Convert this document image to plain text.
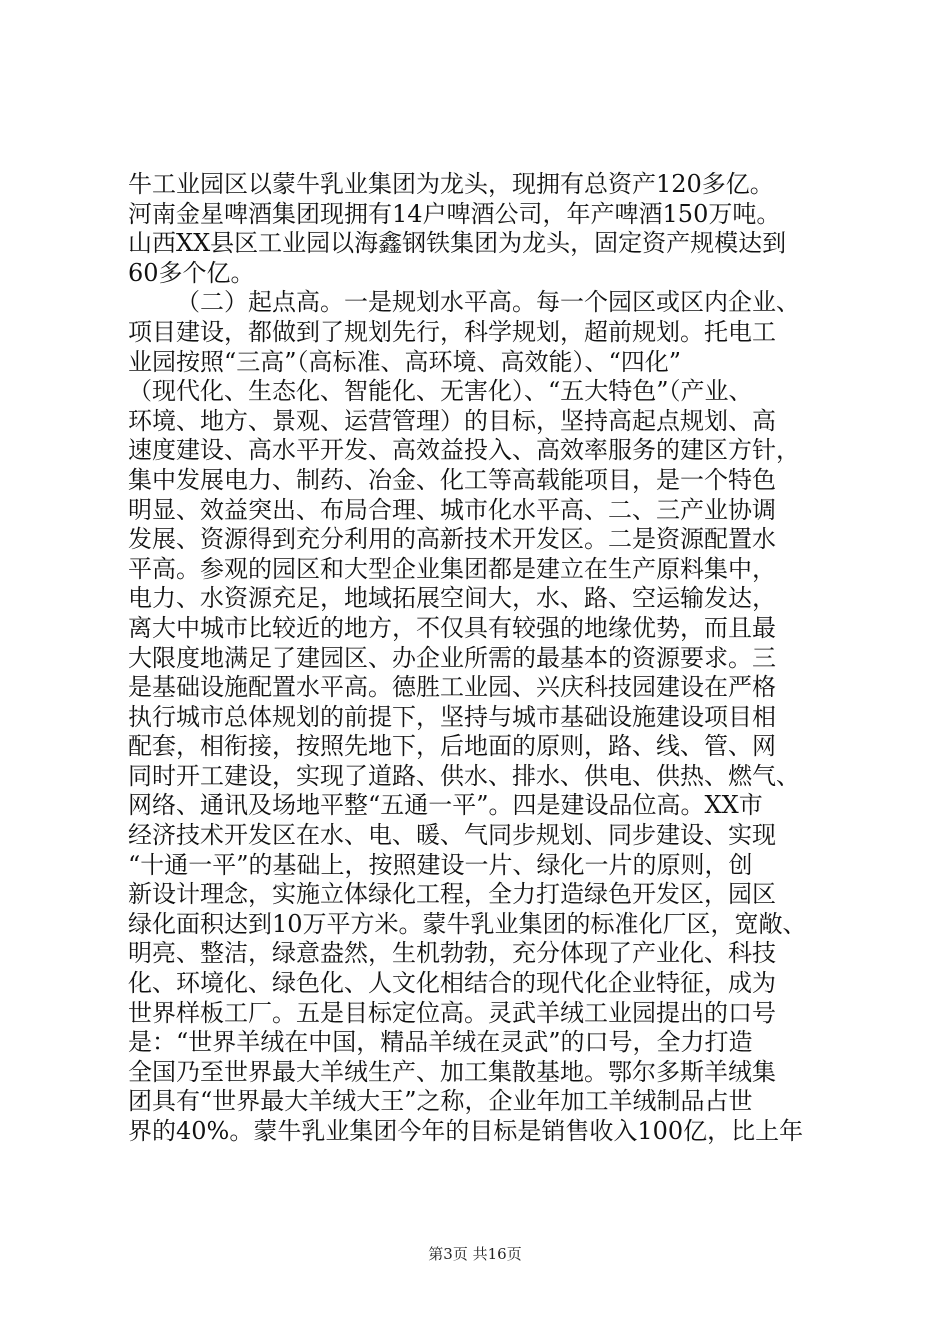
牛工业园区以蒙牛乳业集团为龙头，现拥有总资产120多亿。
河南金星啤酒集团现拥有14户啤酒公司，年产啤酒150万吨。
山西XX县区工业园以海鑫钢铁集团为龙头，固定资产规模达到
60多个亿。
（二）起点高。一是规划水平高。每一个园区或区内企业、
项目建设，都做到了规划先行，科学规划，超前规划。托电工
业园按照“三高”（高标准、高环境、高效能）、“四化”
（现代化、生态化、智能化、无害化）、“五大特色”（产业、
环境、地方、景观、运营管理）的目标，坚持高起点规划、高
速度建设、高水平开发、高效益投入、高效率服务的建区方针，
集中发展电力、制药、冶金、化工等高载能项目，是一个特色
明显、效益突出、布局合理、城市化水平高、二、三产业协调
发展、资源得到充分利用的高新技术开发区。二是资源配置水
平高。参观的园区和大型企业集团都是建立在生产原料集中，
电力、水资源充足，地域拓展空间大，水、路、空运输发达，
离大中城市比较近的地方，不仅具有较强的地缘优势，而且最
大限度地满足了建园区、办企业所需的最基本的资源要求。三
是基础设施配置水平高。德胜工业园、兴庆科技园建设在严格
执行城市总体规划的前提下，坚持与城市基础设施建设项目相
配套，相衔接，按照先地下，后地面的原则，路、线、管、网
同时开工建设，实现了道路、供水、排水、供电、供热、燃气、
网络、通讯及场地平整“五通一平”。四是建设品位高。XX市
经济技术开发区在水、电、暖、气同步规划、同步建设、实现
“十通一平”的基础上，按照建设一片、绿化一片的原则，创
新设计理念，实施立体绿化工程，全力打造绿色开发区，园区
绿化面积达到10万平方米。蒙牛乳业集团的标准化厂区，宽敞、
明亮、整洁，绿意盎然，生机勃勃，充分体现了产业化、科技
化、环境化、绿色化、人文化相结合的现代化企业特征，成为
世界样板工厂。五是目标定位高。灵武羊绒工业园提出的口号
是：“世界羊绒在中国，精品羊绒在灵武”的口号，全力打造
全国乃至世界最大羊绒生产、加工集散基地。鄂尔多斯羊绒集
团具有“世界最大羊绒大王”之称，企业年加工羊绒制品占世
界的40%。蒙牛乳业集团今年的目标是销售收入100亿，比上年
第3页 共16页
